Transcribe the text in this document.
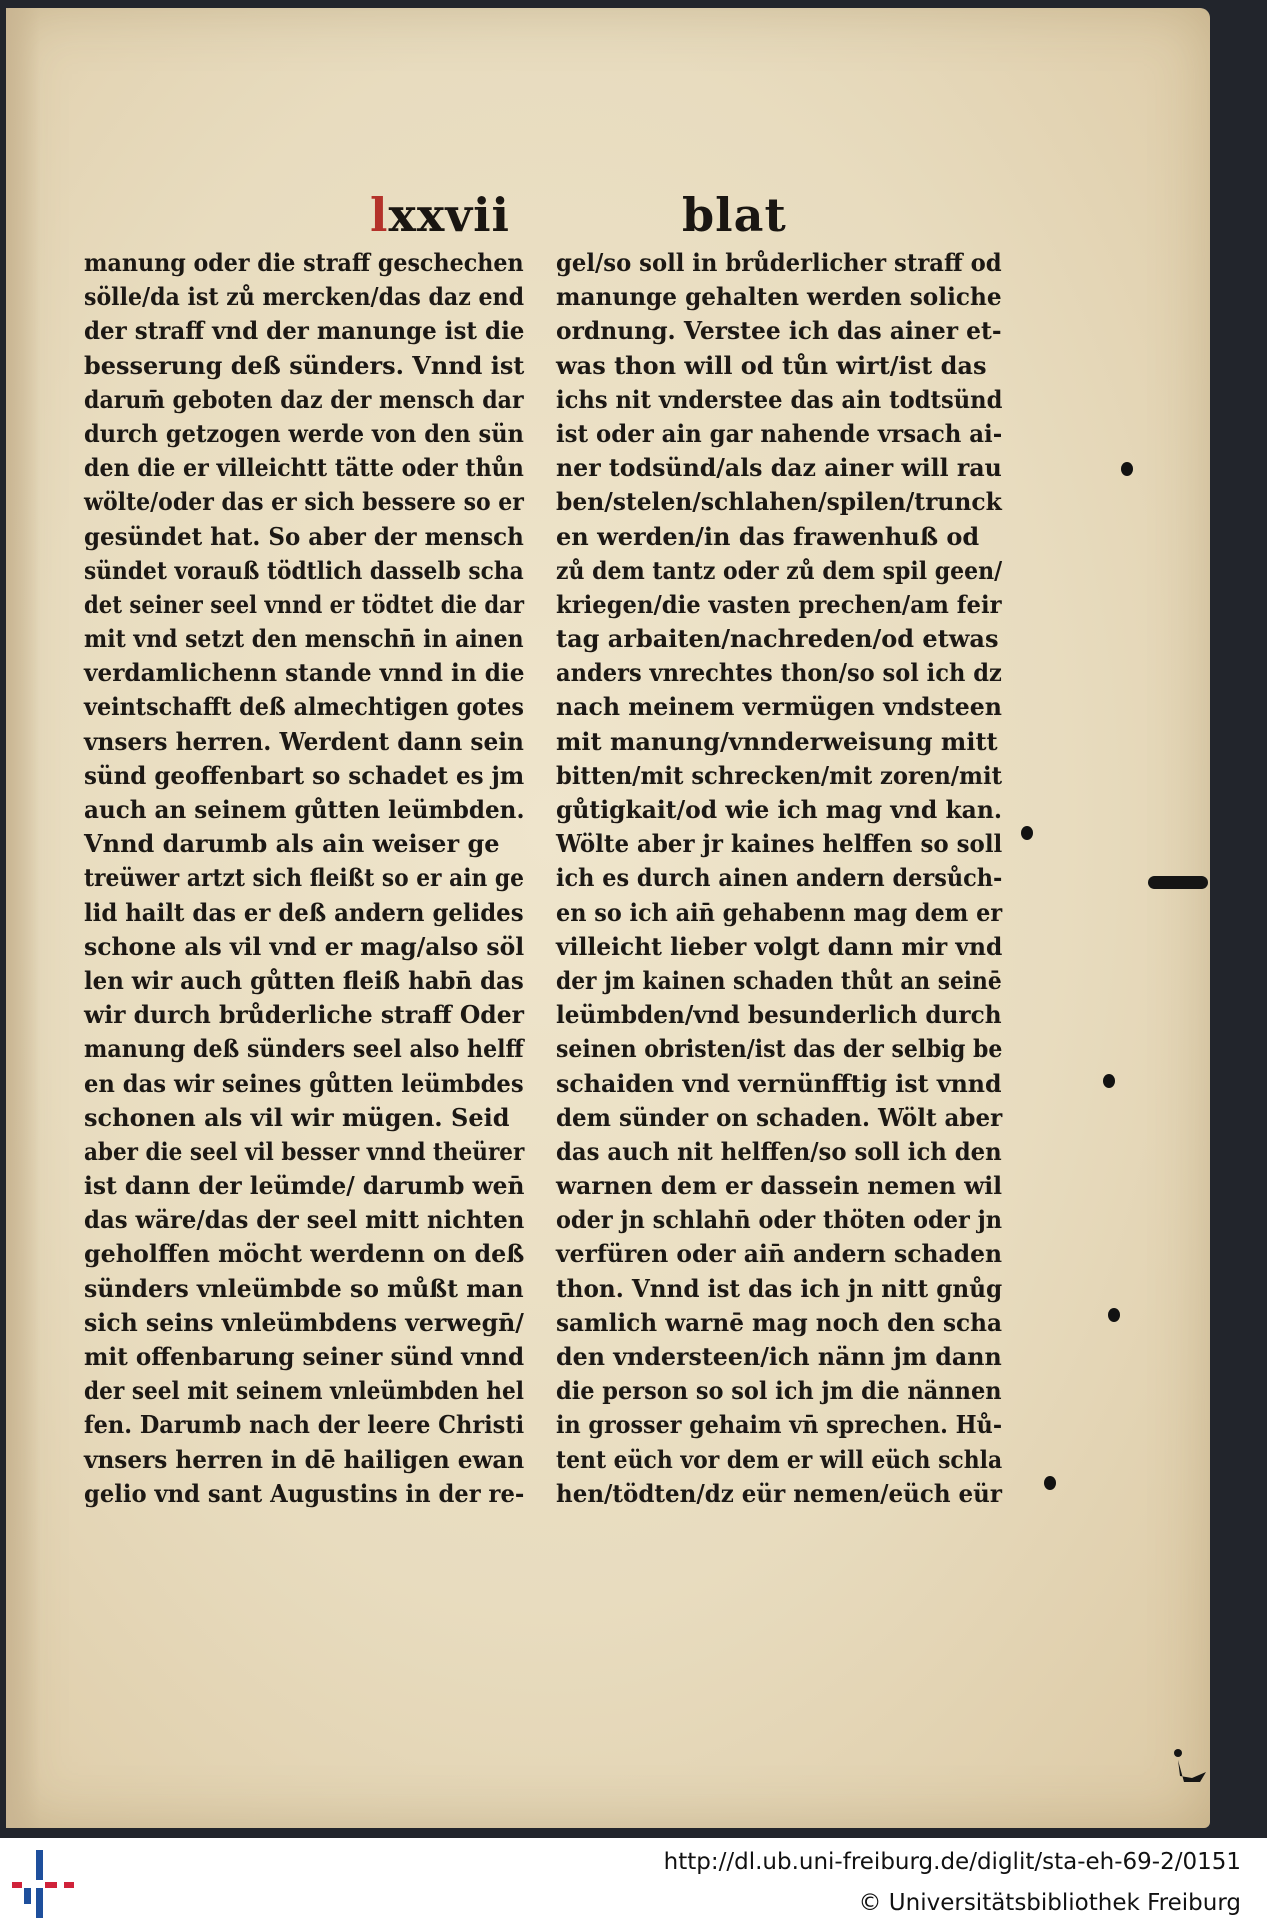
lxxvii	blat
manung oder die straff geschechen
sölle/da ist zů mercken/das daz end
der straff vnd der manunge ist die
besserung deß sünders. Vnnd ist
darum̄ geboten daz der mensch dar
durch getzogen werde von den sün
den die er villeichtt tätte oder thůn
wölte/oder das er sich bessere so er
gesündet hat. So aber der mensch
sündet vorauß tödtlich dasselb scha
det seiner seel vnnd er tödtet die dar
mit vnd setzt den menschn̄ in ainen
verdamlichenn stande vnnd in die
veintschafft deß almechtigen gotes
vnsers herren. Werdent dann sein
sünd geoffenbart so schadet es jm
auch an seinem gůtten leümbden.
Vnnd darumb als ain weiser ge
treüwer artzt sich fleißt so er ain ge
lid hailt das er deß andern gelides
schone als vil vnd er mag/also söl
len wir auch gůtten fleiß habn̄ das
wir durch brůderliche straff Oder
manung deß sünders seel also helff
en das wir seines gůtten leümbdes
schonen als vil wir mügen. Seid
aber die seel vil besser vnnd theürer
ist dann der leümde/ darumb wen̄
das wäre/das der seel mitt nichten
geholffen möcht werdenn on deß
sünders vnleümbde so můßt man
sich seins vnleümbdens verwegn̄/
mit offenbarung seiner sünd vnnd
der seel mit seinem vnleümbden hel
fen. Darumb nach der leere Christi
vnsers herren in dē hailigen ewan
gelio vnd sant Augustins in der re-
gel/so soll in brůderlicher straff od
manunge gehalten werden soliche
ordnung. Verstee ich das ainer et-
was thon will od tůn wirt/ist das
ichs nit vnderstee das ain todtsünd
ist oder ain gar nahende vrsach ai-
ner todsünd/als daz ainer will rau
ben/stelen/schlahen/spilen/trunck
en werden/in das frawenhuß od
zů dem tantz oder zů dem spil geen/
kriegen/die vasten prechen/am feir
tag arbaiten/nachreden/od etwas
anders vnrechtes thon/so sol ich dz
nach meinem vermügen vndsteen
mit manung/vnnderweisung mitt
bitten/mit schrecken/mit zoren/mit
gůtigkait/od wie ich mag vnd kan.
Wölte aber jr kaines helffen so soll
ich es durch ainen andern dersůch-
en so ich ain̄ gehabenn mag dem er
villeicht lieber volgt dann mir vnd
der jm kainen schaden thůt an seinē
leümbden/vnd besunderlich durch
seinen obristen/ist das der selbig be
schaiden vnd vernünfftig ist vnnd
dem sünder on schaden. Wölt aber
das auch nit helffen/so soll ich den
warnen dem er dassein nemen wil
oder jn schlahn̄ oder thöten oder jn
verfüren oder ain̄ andern schaden
thon. Vnnd ist das ich jn nitt gnůg
samlich warnē mag noch den scha
den vndersteen/ich nänn jm dann
die person so sol ich jm die nännen
in grosser gehaim vn̄ sprechen. Hů-
tent eüch vor dem er will eüch schla
hen/tödten/dz eür nemen/eüch eür
http://dl.ub.uni-freiburg.de/diglit/sta-eh-69-2/0151
© Universitätsbibliothek Freiburg
